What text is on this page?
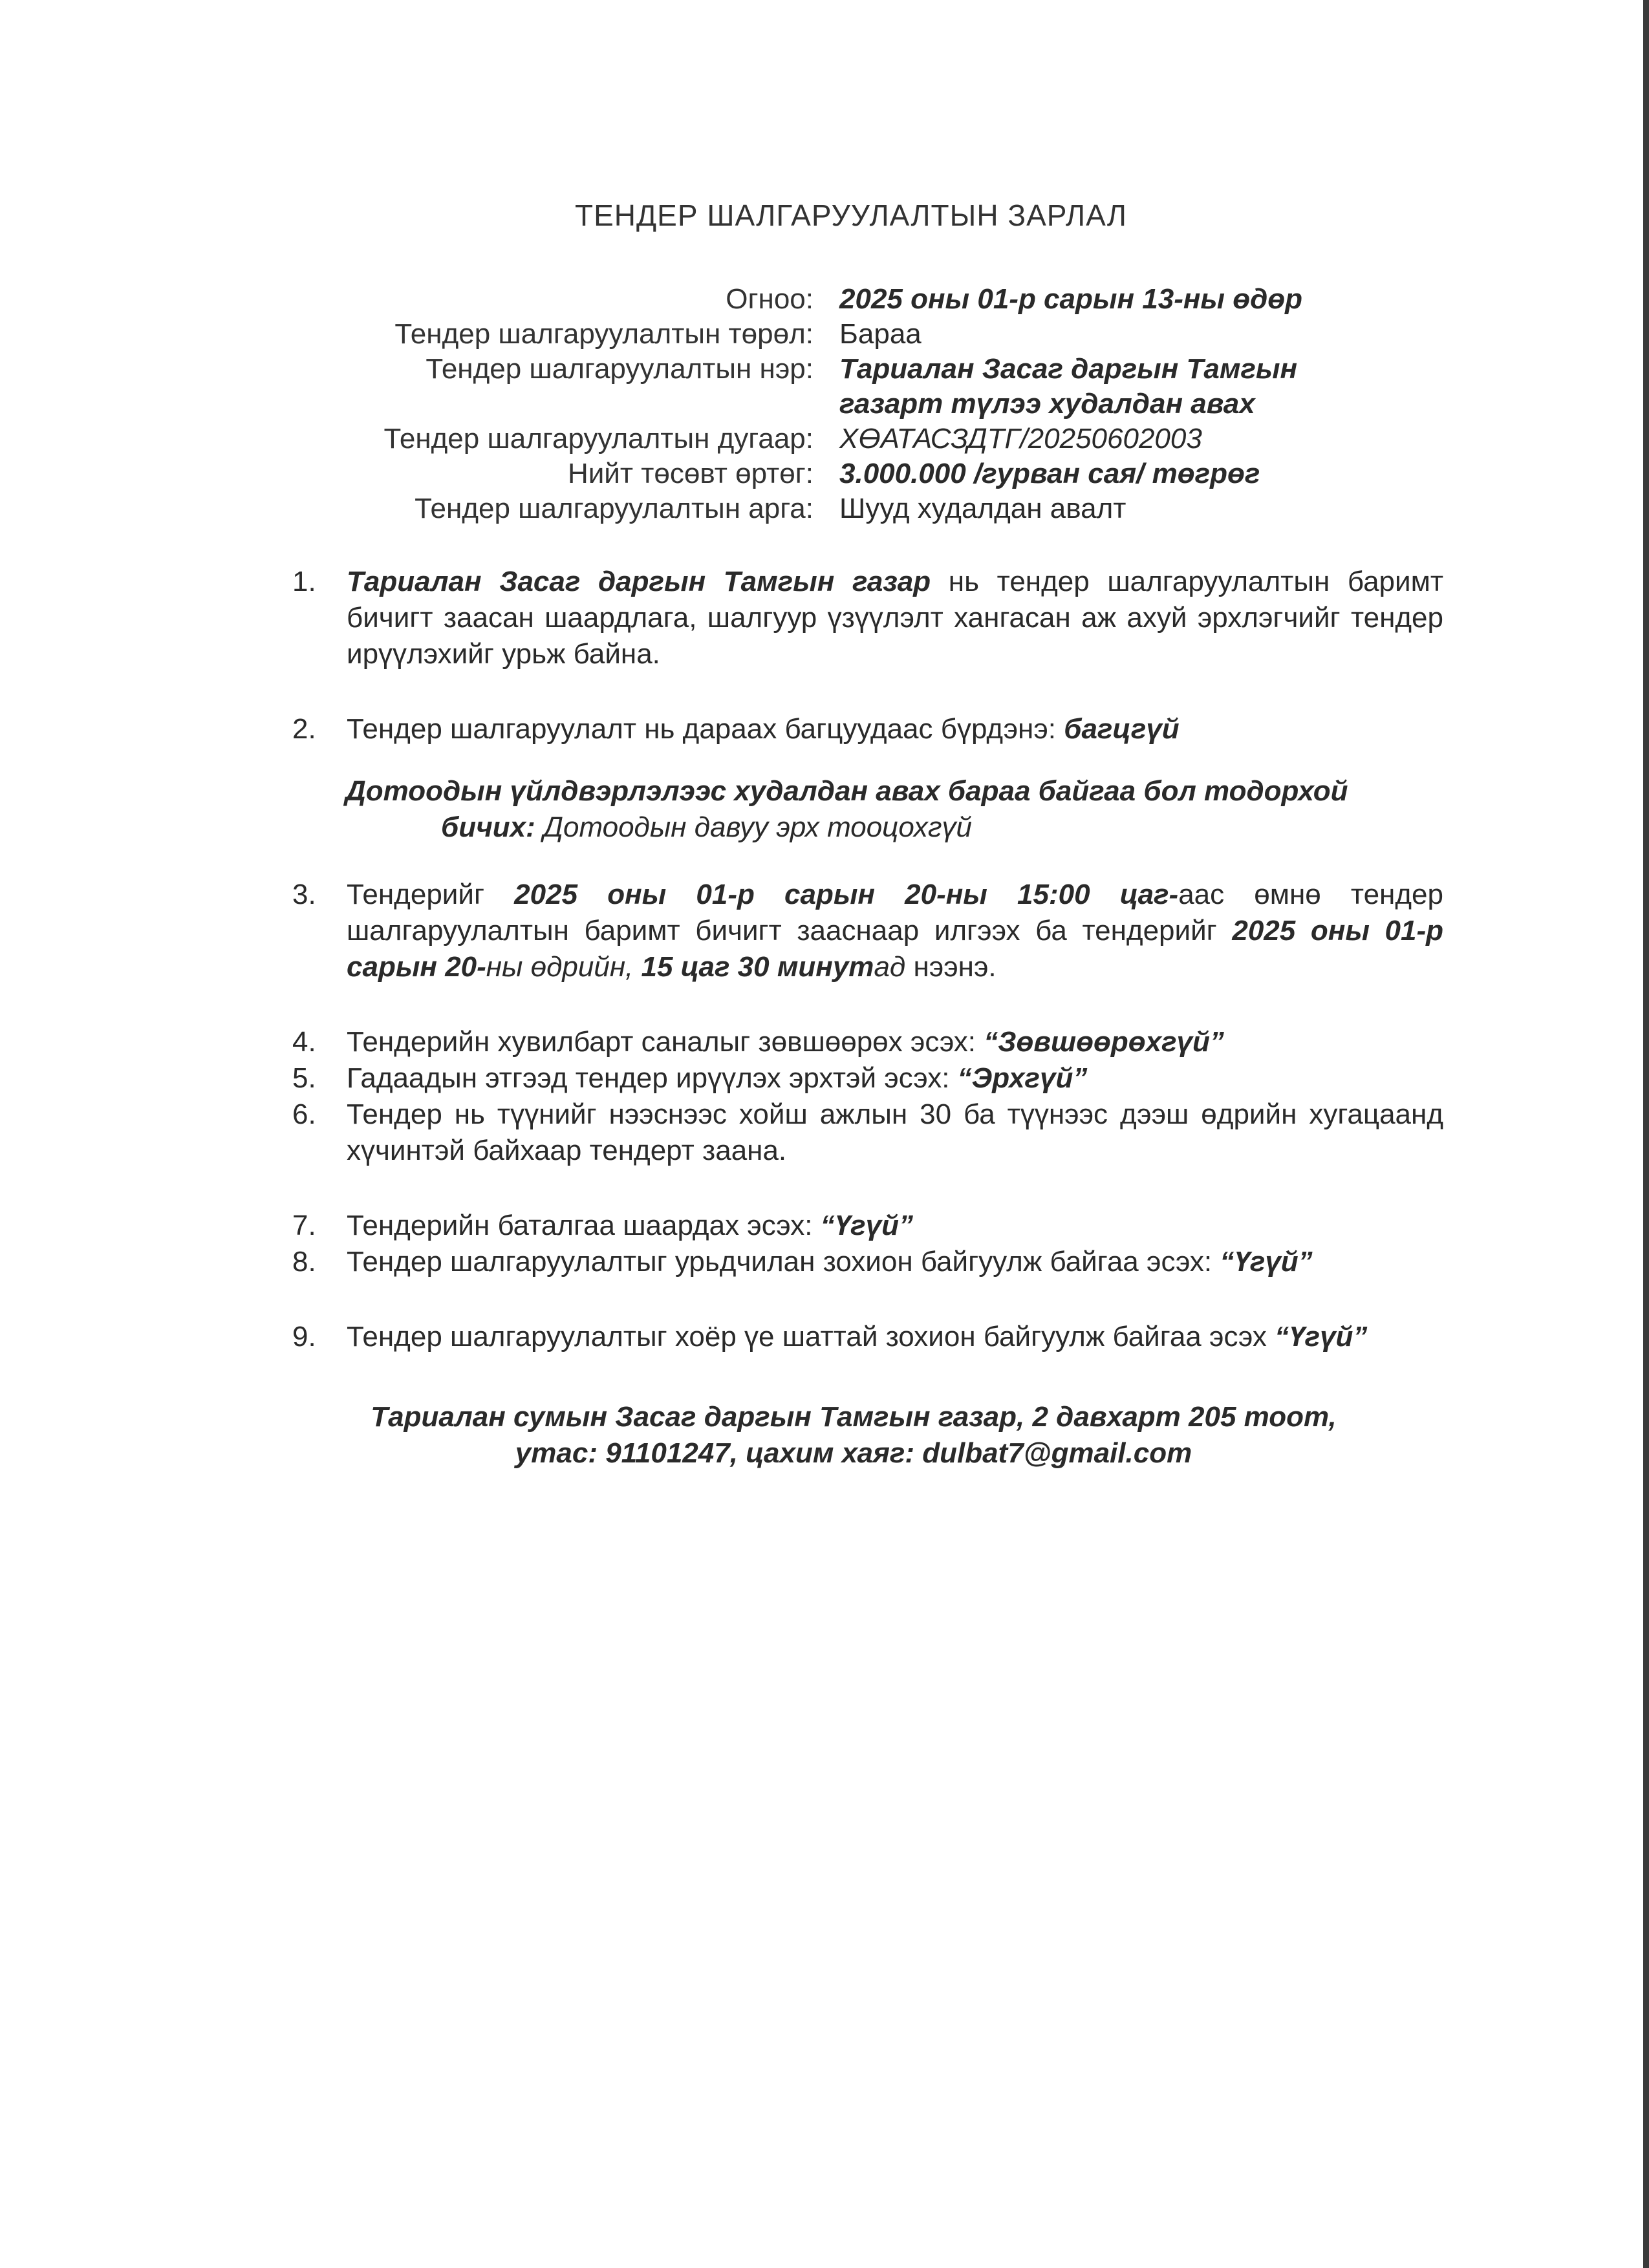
ТЕНДЕР ШАЛГАРУУЛАЛТЫН ЗАРЛАЛ
Огноо: 2025 оны 01-р сарын 13-ны өдөр
Тендер шалгаруулалтын төрөл: Бараа
Тендер шалгаруулалтын нэр: Тариалан Засаг даргын Тамгын
газарт түлээ худалдан авах
Тендер шалгаруулалтын дугаар: ХӨАТАСЗДТГ/20250602003
Нийт төсөвт өртөг: 3.000.000 /гурван сая/ төгрөг
Тендер шалгаруулалтын арга: Шууд худалдан авалт
1.	Тариалан Засаг даргын Тамгын газар нь тендер шалгаруулалтын баримт бичигт заасан шаардлага, шалгуур үзүүлэлт хангасан аж ахуй эрхлэгчийг тендер ирүүлэхийг урьж байна.
2.	Тендер шалгаруулалт нь дараах багцуудаас бүрдэнэ: багцгүй
Дотоодын үйлдвэрлэлээс худалдан авах бараа байгаа бол тодорхой
бичих: Дотоодын давуу эрх тооцохгүй
3.	Тендерийг 2025 оны 01-р сарын 20-ны 15:00 цаг-аас өмнө тендер шалгаруулалтын баримт бичигт зааснаар илгээх ба тендерийг 2025 оны 01-р сарын 20-ны өдрийн, 15 цаг 30 минутад нээнэ.
4.	Тендерийн хувилбарт саналыг зөвшөөрөх эсэх: “Зөвшөөрөхгүй”
5.	Гадаадын этгээд тендер ирүүлэх эрхтэй эсэх: “Эрхгүй”
6.	Тендер нь түүнийг нээснээс хойш ажлын 30 ба түүнээс дээш өдрийн хугацаанд хүчинтэй байхаар тендерт заана.
7.	Тендерийн баталгаа шаардах эсэх: “Үгүй”
8.	Тендер шалгаруулалтыг урьдчилан зохион байгуулж байгаа эсэх: “Үгүй”
9.	Тендер шалгаруулалтыг хоёр үе шаттай зохион байгуулж байгаа эсэх “Үгүй”
Тариалан сумын Засаг даргын Тамгын газар, 2 давхарт 205 тоот,
утас: 91101247, цахим хаяг: dulbat7@gmail.com
